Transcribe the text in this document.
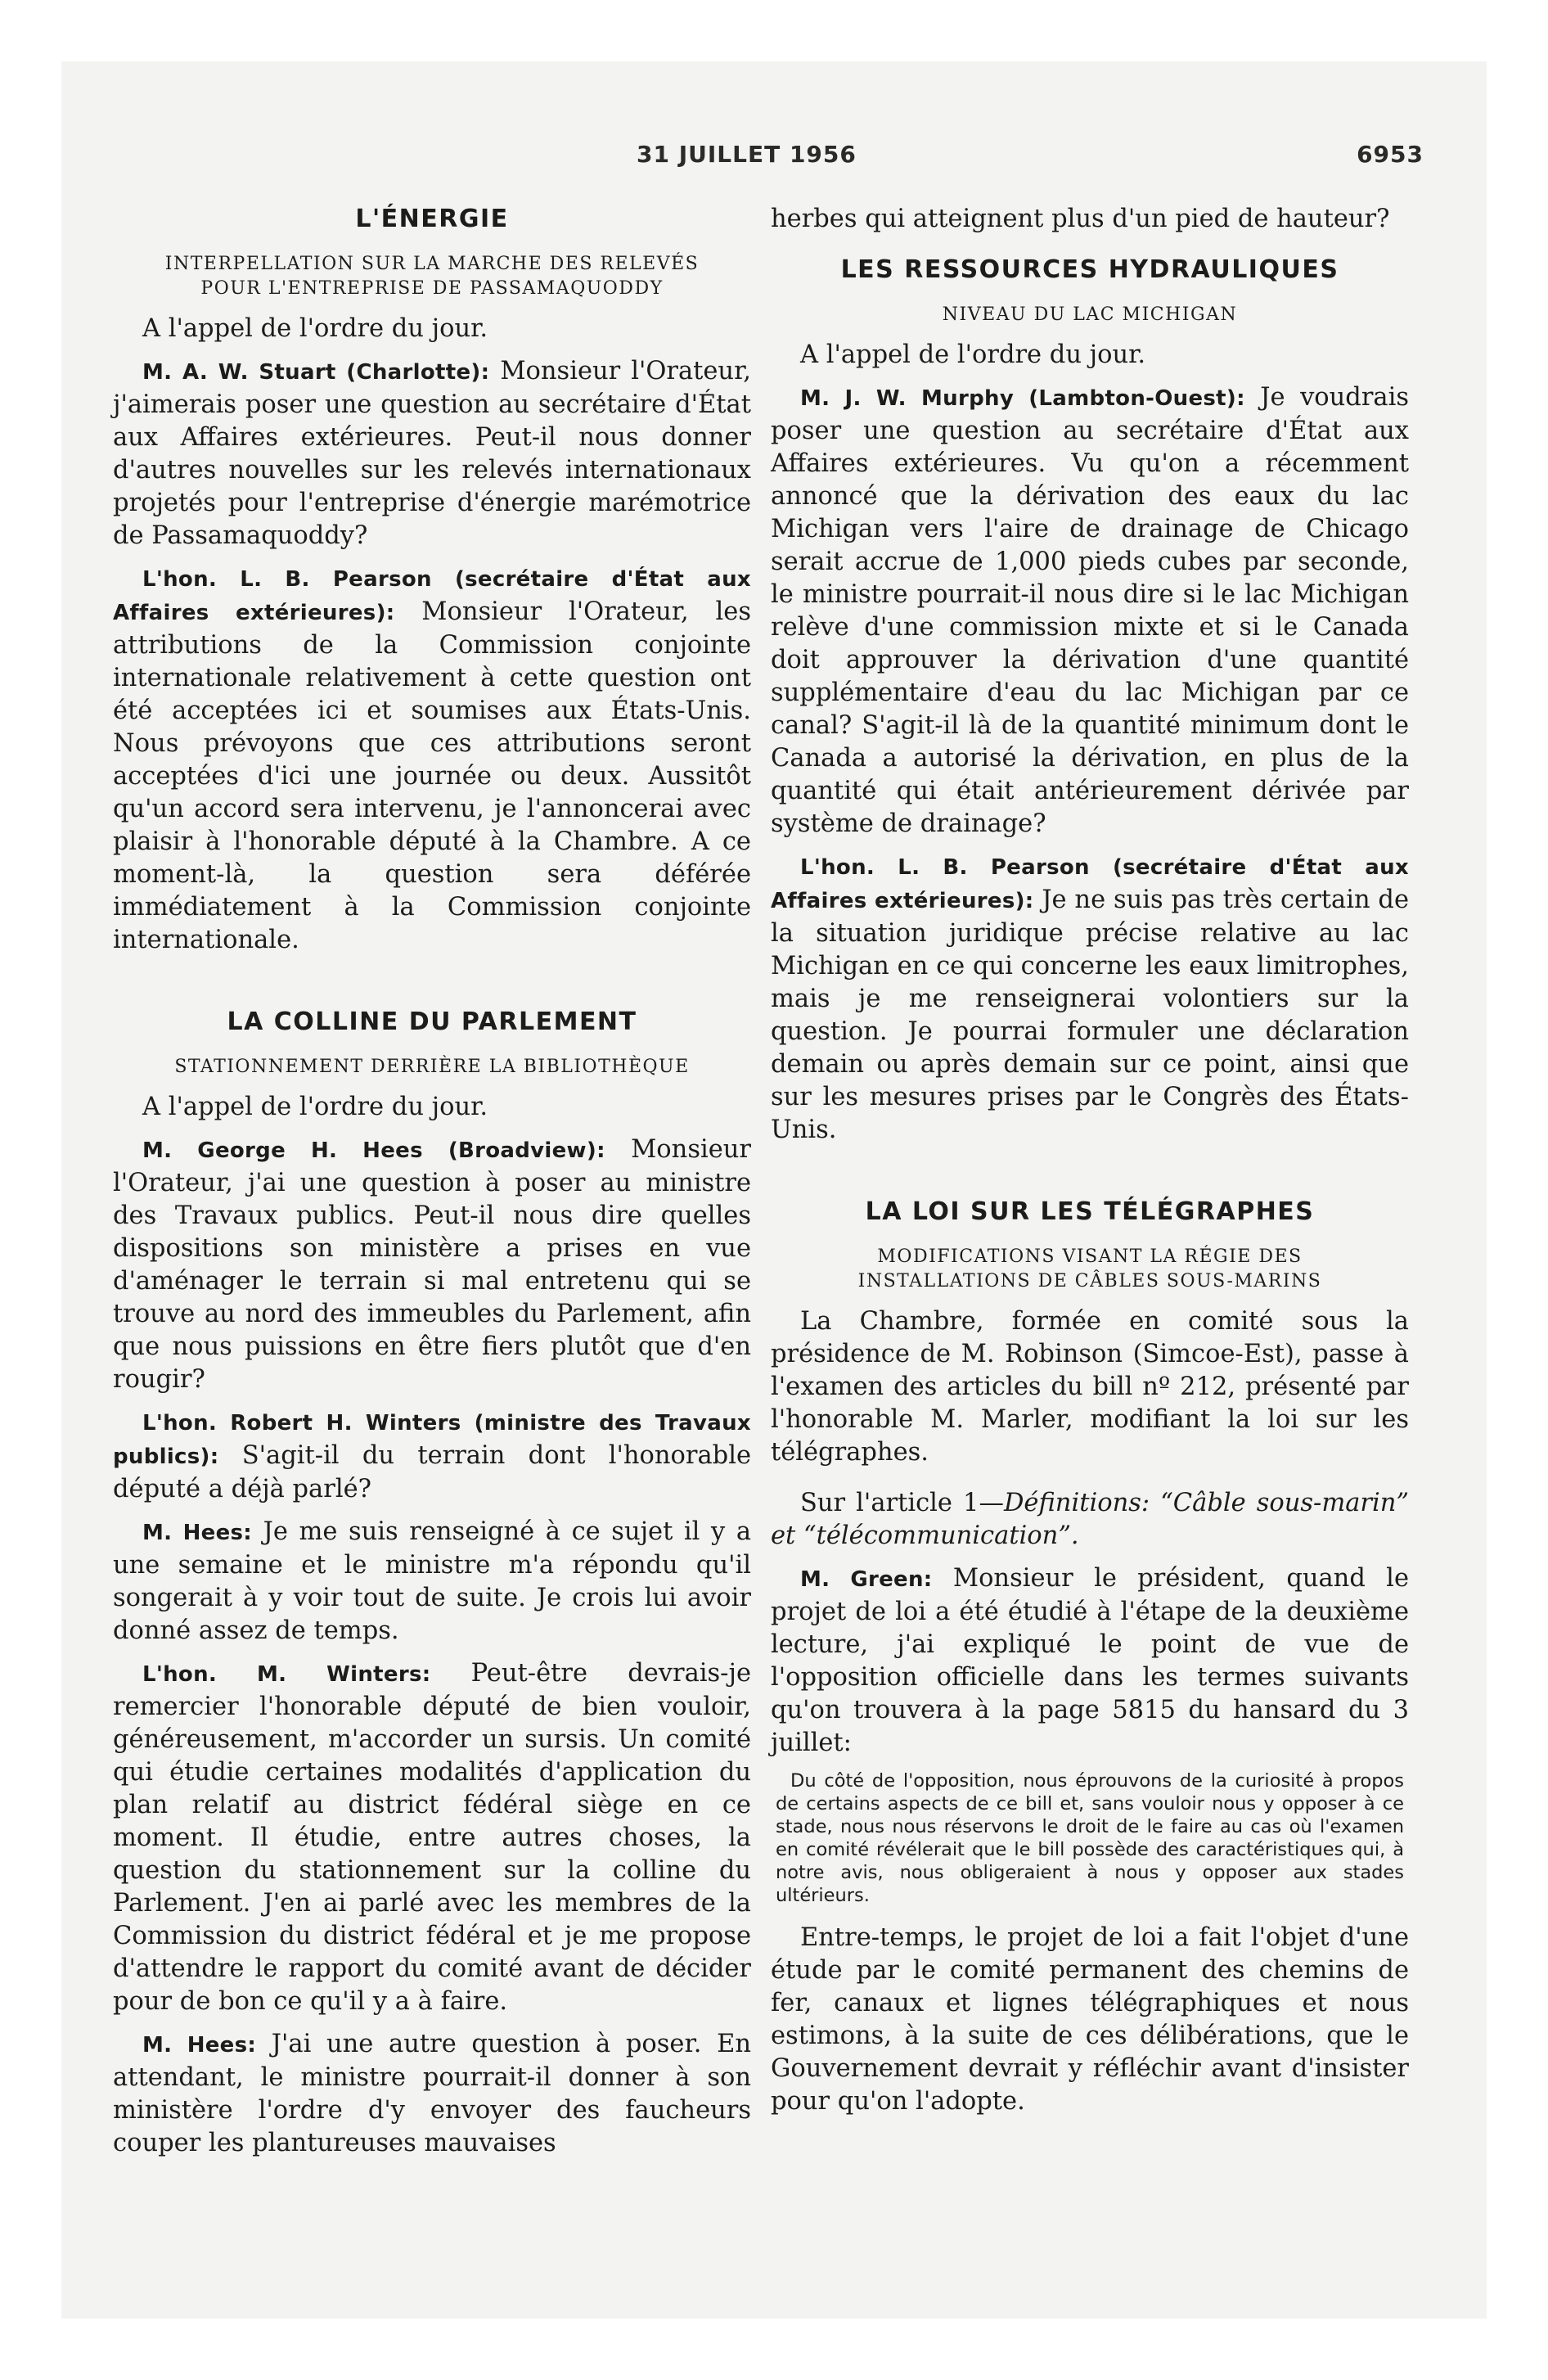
31 JUILLET 1956	6953
L'ÉNERGIE
INTERPELLATION SUR LA MARCHE DES RELEVÉS POUR L'ENTREPRISE DE PASSAMAQUODDY

A l'appel de l'ordre du jour.

M. A. W. Stuart (Charlotte): Monsieur l'Orateur, j'aimerais poser une question au secrétaire d'État aux Affaires extérieures. Peut-il nous donner d'autres nouvelles sur les relevés internationaux projetés pour l'entreprise d'énergie marémotrice de Passamaquoddy?

L'hon. L. B. Pearson (secrétaire d'État aux Affaires extérieures): Monsieur l'Orateur, les attributions de la Commission conjointe internationale relativement à cette question ont été acceptées ici et soumises aux États-Unis. Nous prévoyons que ces attributions seront acceptées d'ici une journée ou deux. Aussitôt qu'un accord sera intervenu, je l'annoncerai avec plaisir à l'honorable député à la Chambre. A ce moment-là, la question sera déférée immédiatement à la Commission conjointe internationale.

LA COLLINE DU PARLEMENT
STATIONNEMENT DERRIÈRE LA BIBLIOTHÈQUE

A l'appel de l'ordre du jour.

M. George H. Hees (Broadview): Monsieur l'Orateur, j'ai une question à poser au ministre des Travaux publics. Peut-il nous dire quelles dispositions son ministère a prises en vue d'aménager le terrain si mal entretenu qui se trouve au nord des immeubles du Parlement, afin que nous puissions en être fiers plutôt que d'en rougir?

L'hon. Robert H. Winters (ministre des Travaux publics): S'agit-il du terrain dont l'honorable député a déjà parlé?

M. Hees: Je me suis renseigné à ce sujet il y a une semaine et le ministre m'a répondu qu'il songerait à y voir tout de suite. Je crois lui avoir donné assez de temps.

L'hon. M. Winters: Peut-être devrais-je remercier l'honorable député de bien vouloir, généreusement, m'accorder un sursis. Un comité qui étudie certaines modalités d'application du plan relatif au district fédéral siège en ce moment. Il étudie, entre autres choses, la question du stationnement sur la colline du Parlement. J'en ai parlé avec les membres de la Commission du district fédéral et je me propose d'attendre le rapport du comité avant de décider pour de bon ce qu'il y a à faire.

M. Hees: J'ai une autre question à poser. En attendant, le ministre pourrait-il donner à son ministère l'ordre d'y envoyer des faucheurs couper les plantureuses mauvaises

herbes qui atteignent plus d'un pied de hauteur?

LES RESSOURCES HYDRAULIQUES
NIVEAU DU LAC MICHIGAN

A l'appel de l'ordre du jour.

M. J. W. Murphy (Lambton-Ouest): Je voudrais poser une question au secrétaire d'État aux Affaires extérieures. Vu qu'on a récemment annoncé que la dérivation des eaux du lac Michigan vers l'aire de drainage de Chicago serait accrue de 1,000 pieds cubes par seconde, le ministre pourrait-il nous dire si le lac Michigan relève d'une commission mixte et si le Canada doit approuver la dérivation d'une quantité supplémentaire d'eau du lac Michigan par ce canal? S'agit-il là de la quantité minimum dont le Canada a autorisé la dérivation, en plus de la quantité qui était antérieurement dérivée par système de drainage?

L'hon. L. B. Pearson (secrétaire d'État aux Affaires extérieures): Je ne suis pas très certain de la situation juridique précise relative au lac Michigan en ce qui concerne les eaux limitrophes, mais je me renseignerai volontiers sur la question. Je pourrai formuler une déclaration demain ou après demain sur ce point, ainsi que sur les mesures prises par le Congrès des États-Unis.

LA LOI SUR LES TÉLÉGRAPHES
MODIFICATIONS VISANT LA RÉGIE DES INSTALLATIONS DE CÂBLES SOUS-MARINS

La Chambre, formée en comité sous la présidence de M. Robinson (Simcoe-Est), passe à l'examen des articles du bill nº 212, présenté par l'honorable M. Marler, modifiant la loi sur les télégraphes.

Sur l'article 1—Définitions: “Câble sous-marin” et “télécommunication”.

M. Green: Monsieur le président, quand le projet de loi a été étudié à l'étape de la deuxième lecture, j'ai expliqué le point de vue de l'opposition officielle dans les termes suivants qu'on trouvera à la page 5815 du hansard du 3 juillet:

Du côté de l'opposition, nous éprouvons de la curiosité à propos de certains aspects de ce bill et, sans vouloir nous y opposer à ce stade, nous nous réservons le droit de le faire au cas où l'examen en comité révélerait que le bill possède des caractéristiques qui, à notre avis, nous obligeraient à nous y opposer aux stades ultérieurs.

Entre-temps, le projet de loi a fait l'objet d'une étude par le comité permanent des chemins de fer, canaux et lignes télégraphiques et nous estimons, à la suite de ces délibérations, que le Gouvernement devrait y réfléchir avant d'insister pour qu'on l'adopte.
